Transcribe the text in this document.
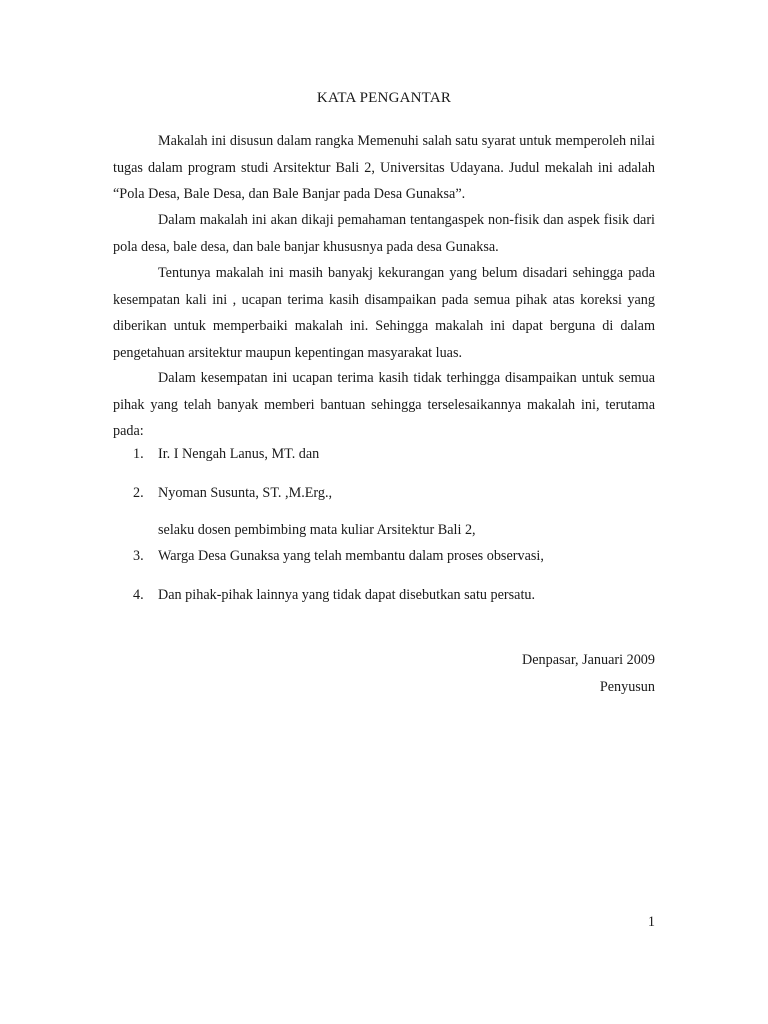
KATA PENGANTAR

Makalah ini disusun dalam rangka Memenuhi salah satu syarat untuk memperoleh nilai tugas dalam program studi Arsitektur Bali 2, Universitas Udayana. Judul mekalah ini adalah “Pola Desa, Bale Desa, dan Bale Banjar pada Desa Gunaksa”.

Dalam makalah ini akan dikaji pemahaman tentangaspek non-fisik dan aspek fisik dari pola desa, bale desa, dan bale banjar khususnya pada desa Gunaksa.

Tentunya makalah ini masih banyakj kekurangan yang belum disadari sehingga pada kesempatan kali ini , ucapan terima kasih disampaikan pada semua pihak atas koreksi yang diberikan untuk memperbaiki makalah ini. Sehingga makalah ini dapat berguna di dalam pengetahuan arsitektur maupun kepentingan masyarakat luas.

Dalam kesempatan ini ucapan terima kasih tidak terhingga disampaikan untuk semua pihak yang telah banyak memberi bantuan sehingga terselesaikannya makalah ini, terutama pada:

1.	Ir. I Nengah Lanus, MT. dan
2.	Nyoman Susunta, ST. ,M.Erg.,
selaku dosen pembimbing mata kuliar Arsitektur Bali 2,
3.	Warga Desa Gunaksa yang telah membantu dalam proses observasi,
4.	Dan pihak-pihak lainnya yang tidak dapat disebutkan satu persatu.
Denpasar, Januari 2009
Penyusun
1
